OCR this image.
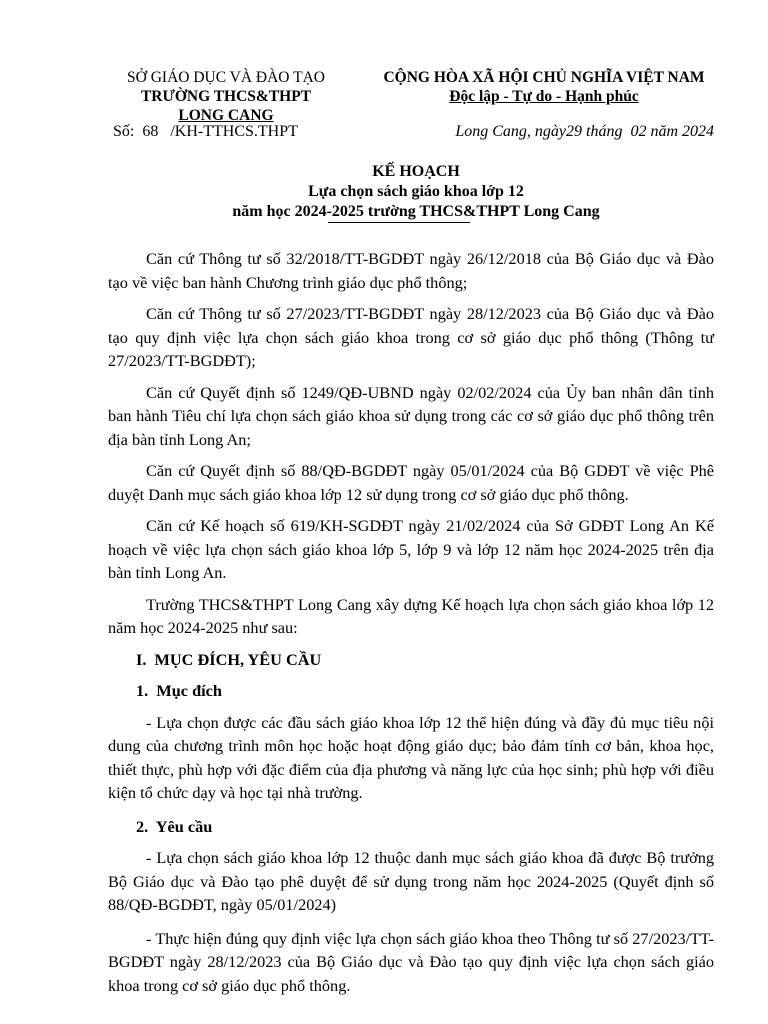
SỞ GIÁO DỤC VÀ ĐÀO TẠO
TRƯỜNG THCS&THPT
LONG CANG
CỘNG HÒA XÃ HỘI CHỦ NGHĨA VIỆT NAM
Độc lập - Tự do - Hạnh phúc
Số:  68   /KH-TTHCS.THPT	Long Cang, ngày29 tháng  02 năm 2024
KẾ HOẠCH
Lựa chọn sách giáo khoa lớp 12
năm học 2024-2025 trường THCS&THPT Long Cang

Căn cứ Thông tư số 32/2018/TT-BGDĐT ngày 26/12/2018 của Bộ Giáo dục và Đào tạo về việc ban hành Chương trình giáo dục phổ thông;

Căn cứ Thông tư số 27/2023/TT-BGDĐT ngày 28/12/2023 của Bộ Giáo dục và Đào tạo quy định việc lựa chọn sách giáo khoa trong cơ sở giáo dục phổ thông (Thông tư 27/2023/TT-BGDĐT);

Căn cứ Quyết định số 1249/QĐ-UBND ngày 02/02/2024 của Ủy ban nhân dân tỉnh ban hành Tiêu chí lựa chọn sách giáo khoa sử dụng trong các cơ sở giáo dục phổ thông trên địa bàn tỉnh Long An;

Căn cứ Quyết định số 88/QĐ-BGDĐT ngày 05/01/2024 của Bộ GDĐT về việc Phê duyệt Danh mục sách giáo khoa lớp 12 sử dụng trong cơ sở giáo dục phổ thông.

Căn cứ Kế hoạch số 619/KH-SGDĐT ngày 21/02/2024 của Sở GDĐT Long An Kế hoạch về việc lựa chọn sách giáo khoa lớp 5, lớp 9 và lớp 12 năm học 2024-2025 trên địa bàn tỉnh Long An.

Trường THCS&THPT Long Cang xây dựng Kế hoạch lựa chọn sách giáo khoa lớp 12 năm học 2024-2025 như sau:

I.  MỤC ĐÍCH, YÊU CẦU
1.  Mục đích

- Lựa chọn được các đầu sách giáo khoa lớp 12 thể hiện đúng và đầy đủ mục tiêu nội dung của chương trình môn học hoặc hoạt động giáo dục; bảo đảm tính cơ bản, khoa học, thiết thực, phù hợp với đặc điểm của địa phương và năng lực của học sinh; phù hợp với điều kiện tổ chức dạy và học tại nhà trường.

2.  Yêu cầu

- Lựa chọn sách giáo khoa lớp 12 thuộc danh mục sách giáo khoa đã được Bộ trưởng Bộ Giáo dục và Đào tạo phê duyệt để sử dụng trong năm học 2024-2025 (Quyết định số 88/QĐ-BGDĐT, ngày 05/01/2024)

- Thực hiện đúng quy định việc lựa chọn sách giáo khoa theo Thông tư số 27/2023/TT-BGDĐT ngày 28/12/2023 của Bộ Giáo dục và Đào tạo quy định việc lựa chọn sách giáo khoa trong cơ sở giáo dục phổ thông.
